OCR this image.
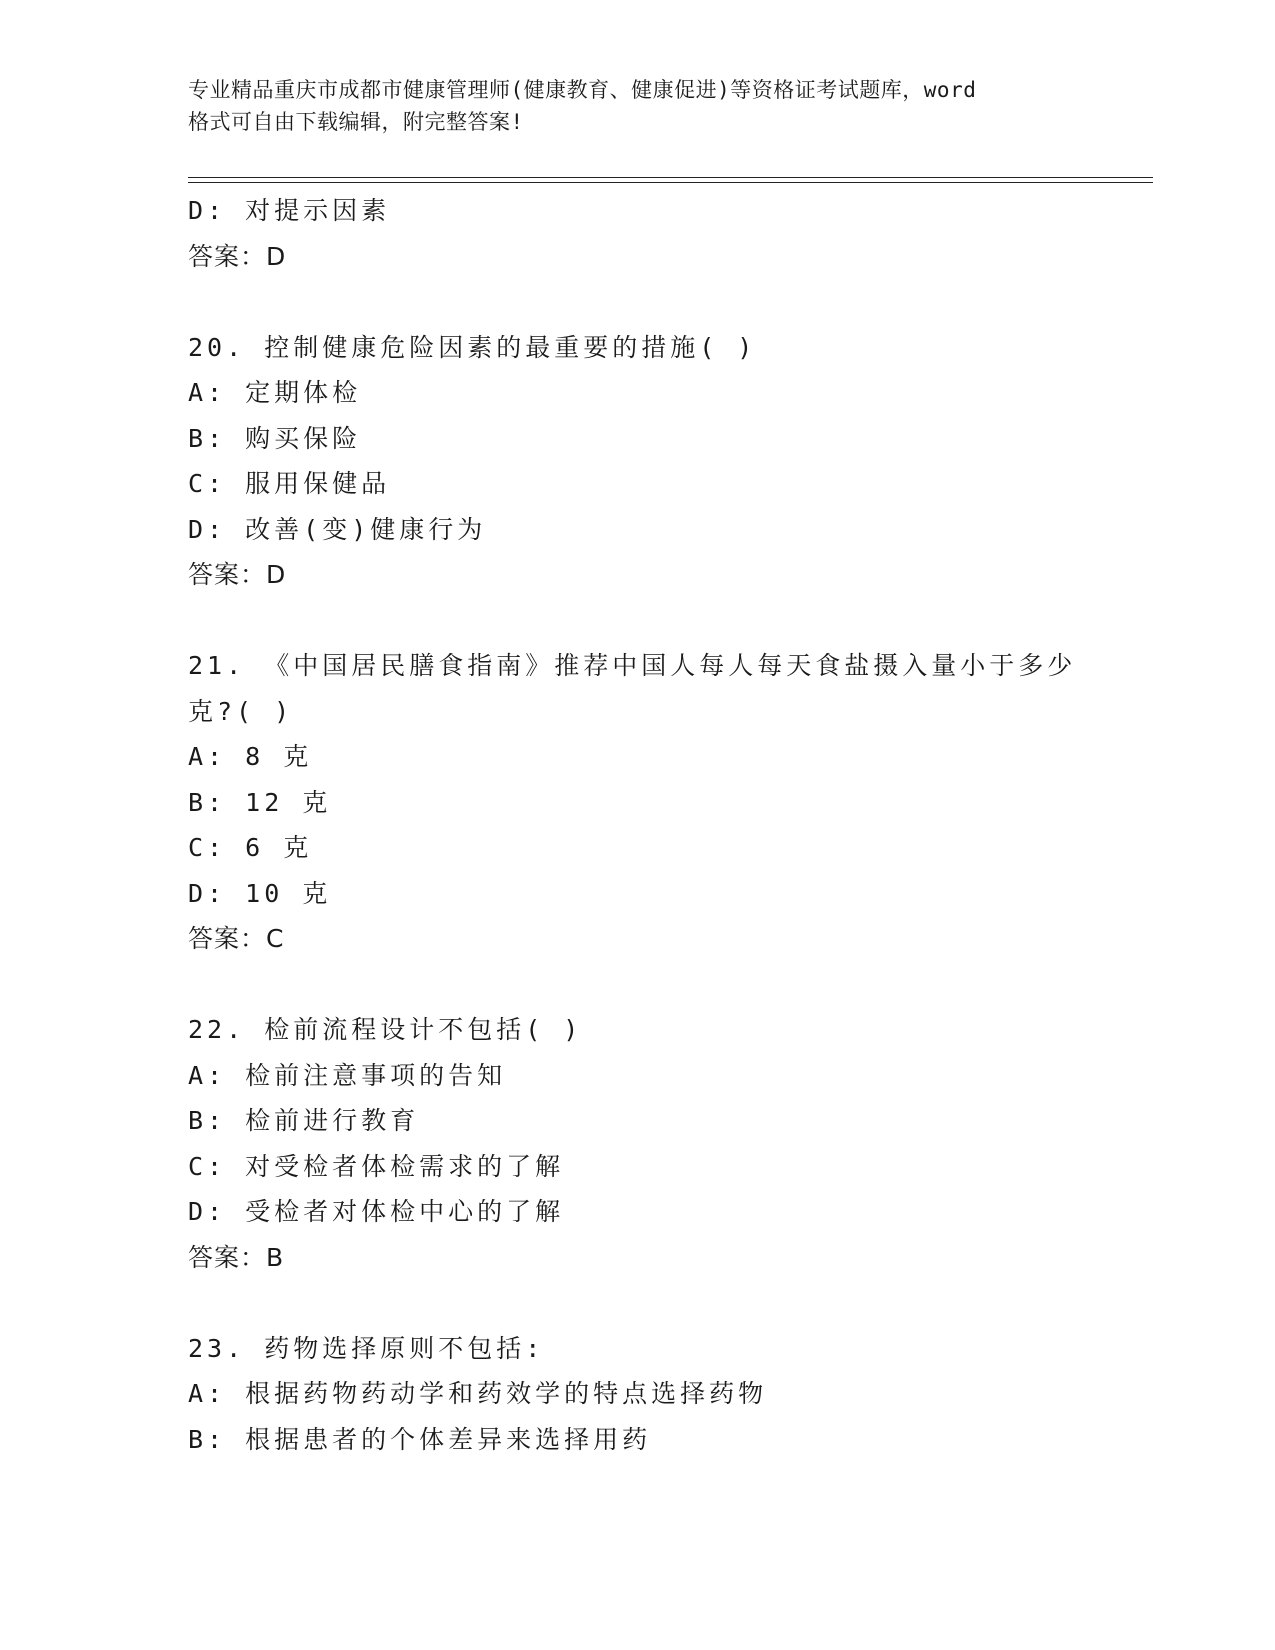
专业精品重庆市成都市健康管理师(健康教育、健康促进)等资格证考试题库，word
格式可自由下载编辑，附完整答案!
D: 对提示因素
答案：D
20. 控制健康危险因素的最重要的措施( )
A: 定期体检
B: 购买保险
C: 服用保健品
D: 改善(变)健康行为
答案：D
21. 《中国居民膳食指南》推荐中国人每人每天食盐摄入量小于多少
克?( )
A: 8 克
B: 12 克
C: 6 克
D: 10 克
答案：C
22. 检前流程设计不包括( )
A: 检前注意事项的告知
B: 检前进行教育
C: 对受检者体检需求的了解
D: 受检者对体检中心的了解
答案：B
23. 药物选择原则不包括:
A: 根据药物药动学和药效学的特点选择药物
B: 根据患者的个体差异来选择用药
